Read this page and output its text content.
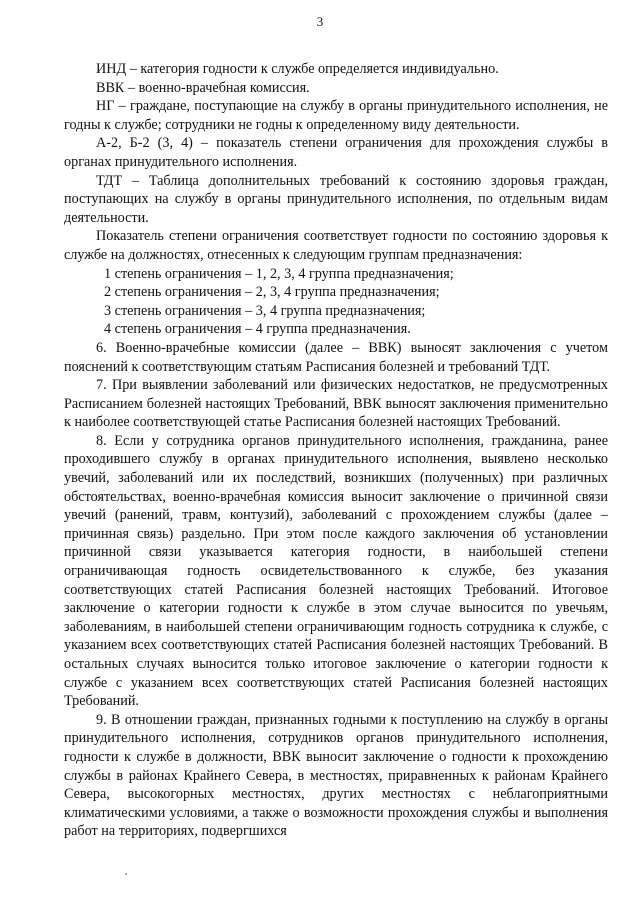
3

ИНД – категория годности к службе определяется индивидуально.

ВВК – военно-врачебная комиссия.

НГ – граждане, поступающие на службу в органы принудительного исполнения, не годны к службе; сотрудники не годны к определенному виду деятельности.

А-2, Б-2 (3, 4) – показатель степени ограничения для прохождения службы в органах принудительного исполнения.

ТДТ – Таблица дополнительных требований к состоянию здоровья граждан, поступающих на службу в органы принудительного исполнения, по отдельным видам деятельности.

Показатель степени ограничения соответствует годности по состоянию здоровья к службе на должностях, отнесенных к следующим группам предназначения:

1 степень ограничения – 1, 2, 3, 4 группа предназначения;
2 степень ограничения – 2, 3, 4 группа предназначения;
3 степень ограничения – 3, 4 группа предназначения;
4 степень ограничения – 4 группа предназначения.

6. Военно-врачебные комиссии (далее – ВВК) выносят заключения с учетом пояснений к соответствующим статьям Расписания болезней и требований ТДТ.

7. При выявлении заболеваний или физических недостатков, не предусмотренных Расписанием болезней настоящих Требований, ВВК выносят заключения применительно к наиболее соответствующей статье Расписания болезней настоящих Требований.

8. Если у сотрудника органов принудительного исполнения, гражданина, ранее проходившего службу в органах принудительного исполнения, выявлено несколько увечий, заболеваний или их последствий, возникших (полученных) при различных обстоятельствах, военно-врачебная комиссия выносит заключение о причинной связи увечий (ранений, травм, контузий), заболеваний с прохождением службы (далее – причинная связь) раздельно. При этом после каждого заключения об установлении причинной связи указывается категория годности, в наибольшей степени ограничивающая годность освидетельствованного к службе, без указания соответствующих статей Расписания болезней настоящих Требований. Итоговое заключение о категории годности к службе в этом случае выносится по увечьям, заболеваниям, в наибольшей степени ограничивающим годность сотрудника к службе, с указанием всех соответствующих статей Расписания болезней настоящих Требований. В остальных случаях выносится только итоговое заключение о категории годности к службе с указанием всех соответствующих статей Расписания болезней настоящих Требований.

9. В отношении граждан, признанных годными к поступлению на службу в органы принудительного исполнения, сотрудников органов принудительного исполнения, годности к службе в должности, ВВК выносит заключение о годности к прохождению службы в районах Крайнего Севера, в местностях, приравненных к районам Крайнего Севера, высокогорных местностях, других местностях с неблагоприятными климатическими условиями, а также о возможности прохождения службы и выполнения работ на территориях, подвергшихся
